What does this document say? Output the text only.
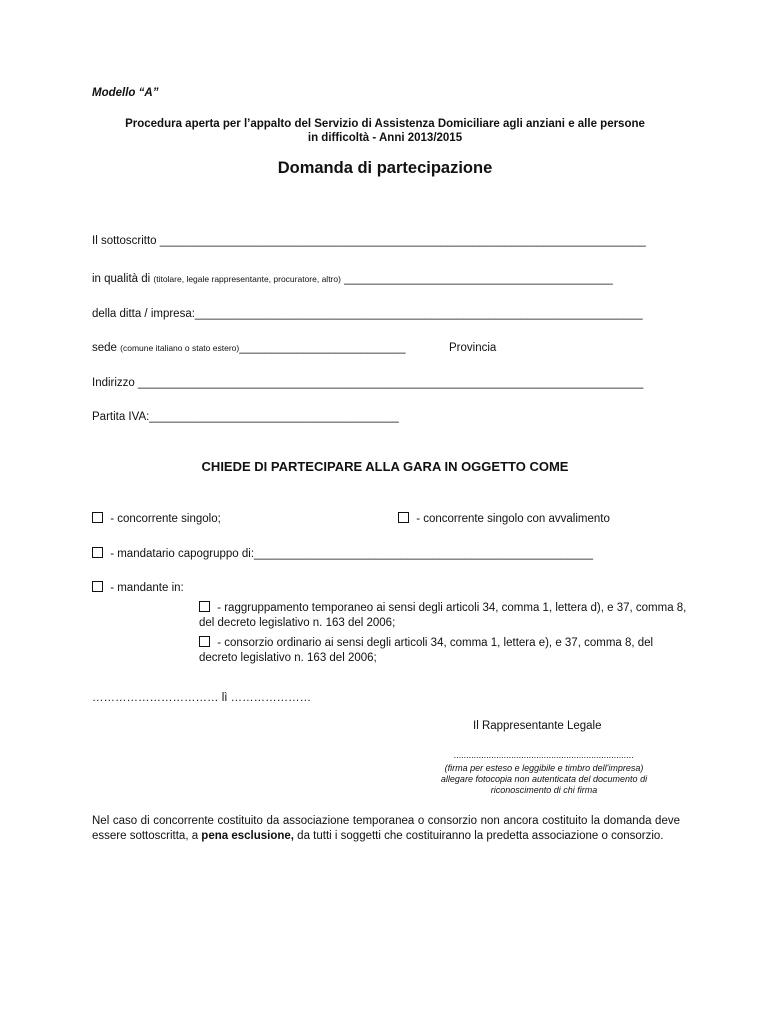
Modello “A”
Procedura aperta per l’appalto del Servizio di Assistenza Domiciliare agli anziani e alle persone
in difficoltà - Anni 2013/2015
Domanda di partecipazione
Il sottoscritto ____________________________________________________________________________
in qualità di (titolare, legale rappresentante, procuratore, altro) __________________________________________
della ditta / impresa:______________________________________________________________________
sede (comune italiano o stato estero)__________________________	Provincia
Indirizzo _______________________________________________________________________________
Partita IVA:_______________________________________
CHIEDE DI PARTECIPARE ALLA GARA IN OGGETTO COME
- concorrente singolo;	- concorrente singolo con avvalimento
- mandatario capogruppo di:_____________________________________________________
- mandante in:
- raggruppamento temporaneo ai sensi degli articoli 34, comma 1, lettera d), e 37, comma 8, del decreto legislativo n. 163 del 2006;
- consorzio ordinario ai sensi degli articoli 34, comma 1, lettera e), e 37, comma 8, del decreto legislativo n. 163 del 2006;
…………………………… lì …………………
Il Rappresentante Legale
........................................................................
(firma per esteso e leggibile e timbro dell'impresa)
allegare fotocopia non autenticata del documento di
riconoscimento di chi firma
Nel caso di concorrente costituito da associazione temporanea o consorzio non ancora costituito la domanda deve essere sottoscritta, a pena esclusione, da tutti i soggetti che costituiranno la predetta associazione o consorzio.
